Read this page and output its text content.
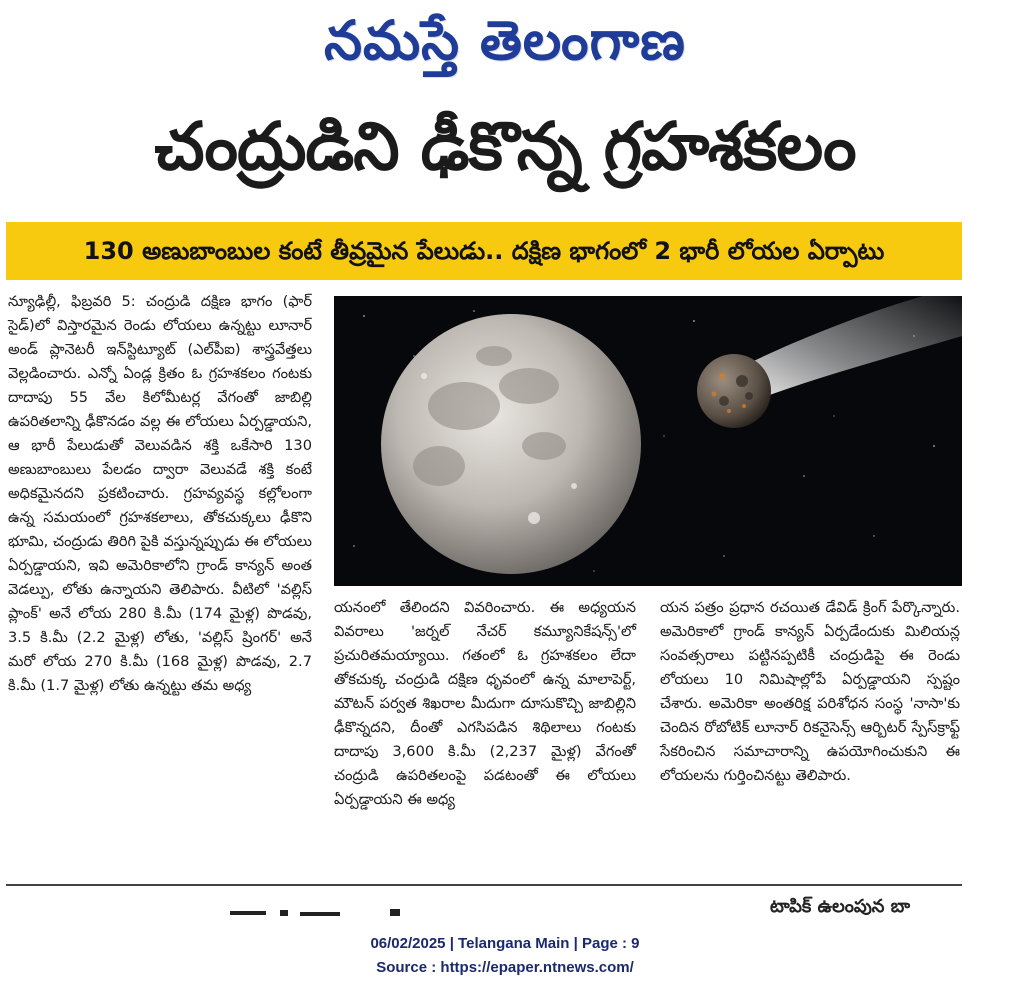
నమస్తే తెలంగాణ
చంద్రుడిని ఢీకొన్న గ్రహశకలం
130 అణుబాంబుల కంటే తీవ్రమైన పేలుడు.. దక్షిణ భాగంలో 2 భారీ లోయల ఏర్పాటు
న్యూఢిల్లీ, ఫిబ్రవరి 5: చంద్రుడి దక్షిణ భాగం (ఫార్ సైడ్)లో విస్తారమైన రెండు లోయలు ఉన్నట్టు లూనార్ అండ్ ప్లానెటరీ ఇన్‌స్టిట్యూట్ (ఎల్‌పీఐ) శాస్త్రవేత్తలు వెల్లడించారు. ఎన్నో ఏండ్ల క్రితం ఓ గ్రహశకలం గంటకు దాదాపు 55 వేల కిలోమీటర్ల వేగంతో జాబిల్లి ఉపరితలాన్ని ఢీకొనడం వల్ల ఈ లోయలు ఏర్పడ్డాయని, ఆ భారీ పేలుడుతో వెలువడిన శక్తి ఒకేసారి 130 అణుబాంబులు పేలడం ద్వారా వెలువడే శక్తి కంటే అధికమైనదని ప్రకటించారు. గ్రహవ్యవస్థ కల్లోలంగా ఉన్న సమయంలో గ్రహశకలాలు, తోకచుక్కలు ఢీకొని భూమి, చంద్రుడు తిరిగి పైకి వస్తున్నప్పుడు ఈ లోయలు ఏర్పడ్డాయని, ఇవి అమెరికాలోని గ్రాండ్ కాన్యన్ అంత వెడల్పు, లోతు ఉన్నాయని తెలిపారు. వీటిలో 'వల్లిస్ ప్లాంక్' అనే లోయ 280 కి.మీ (174 మైళ్ల) పొడవు, 3.5 కి.మీ (2.2 మైళ్ల) లోతు, 'వల్లిస్ ష్రింగర్' అనే మరో లోయ 270 కి.మీ (168 మైళ్ల) పొడవు, 2.7 కి.మీ (1.7 మైళ్ల) లోతు ఉన్నట్టు తమ అధ్య
యనంలో తేలిందని వివరించారు. ఈ అధ్యయన వివరాలు 'జర్నల్ నేచర్ కమ్యూనికేషన్స్'లో ప్రచురితమయ్యాయి. గతంలో ఓ గ్రహశకలం లేదా తోకచుక్క చంద్రుడి దక్షిణ ధృవంలో ఉన్న మాలాపెర్ట్, మౌటన్ పర్వత శిఖరాల మీదుగా దూసుకొచ్చి జాబిల్లిని ఢీకొన్నదని, దీంతో ఎగసిపడిన శిథిలాలు గంటకు దాదాపు 3,600 కి.మీ (2,237 మైళ్ల) వేగంతో చంద్రుడి ఉపరితలంపై పడటంతో ఈ లోయలు ఏర్పడ్డాయని ఈ అధ్య
యన పత్రం ప్రధాన రచయిత డేవిడ్ క్రింగ్ పేర్కొన్నారు. అమెరికాలో గ్రాండ్ కాన్యన్ ఏర్పడేందుకు మిలియన్ల సంవత్సరాలు పట్టినప్పటికీ చంద్రుడిపై ఈ రెండు లోయలు 10 నిమిషాల్లోపే ఏర్పడ్డాయని స్పష్టం చేశారు. అమెరికా అంతరిక్ష పరిశోధన సంస్థ 'నాసా'కు చెందిన రోబోటిక్ లూనార్ రికనైసెన్స్ ఆర్బిటర్ స్పేస్‌క్రాఫ్ట్ సేకరించిన సమాచారాన్ని ఉపయోగించుకుని ఈ లోయలను గుర్తించినట్టు తెలిపారు.
టాపిక్ ఉలంపున బా
06/02/2025 | Telangana Main | Page : 9
Source : https://epaper.ntnews.com/
